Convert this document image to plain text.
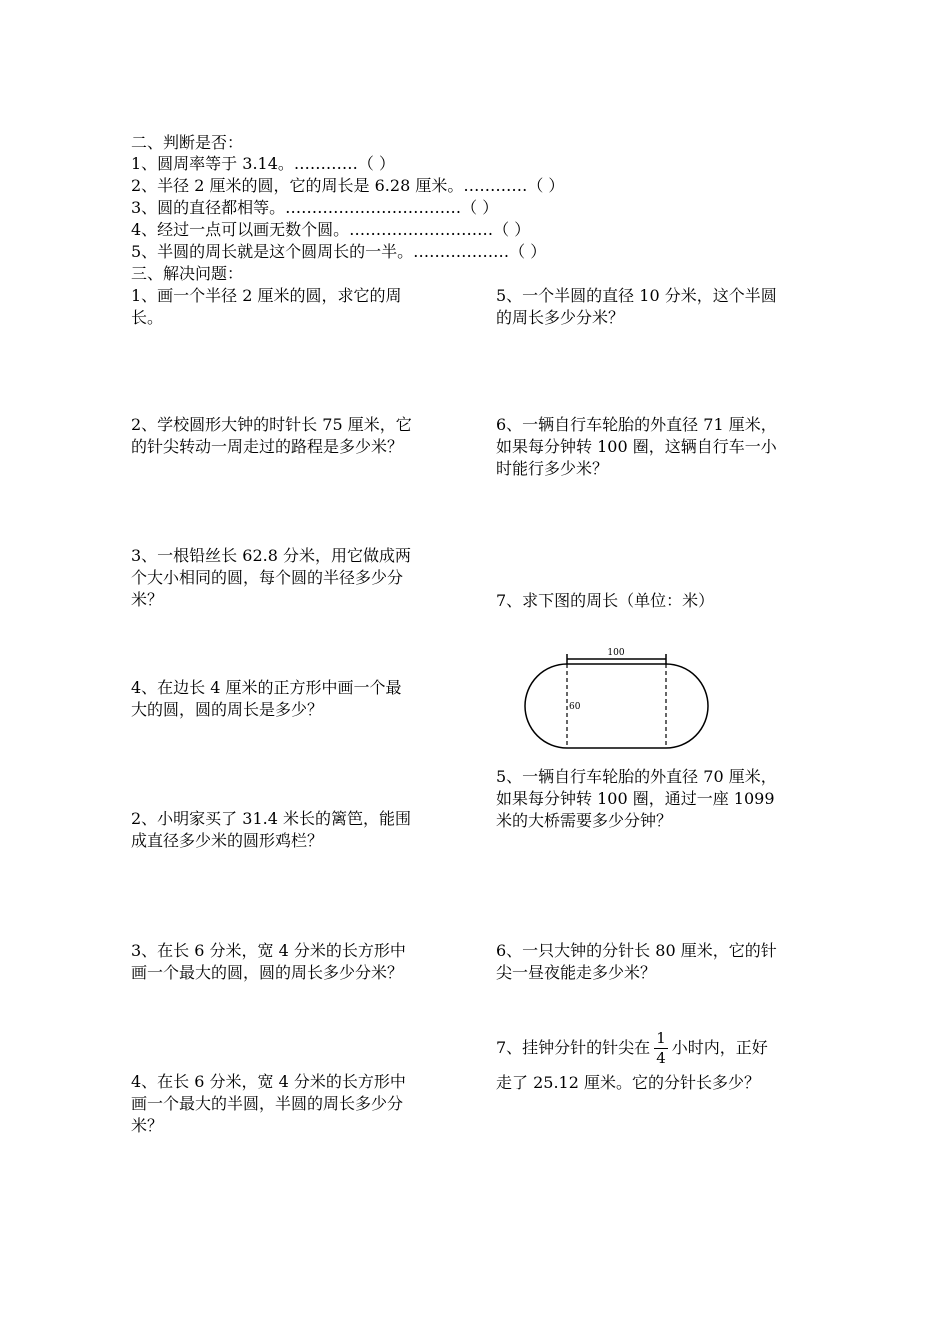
二、判断是否：
1、圆周率等于 3.14。…………（ ）
2、半径 2 厘米的圆，它的周长是 6.28 厘米。…………（ ）
3、圆的直径都相等。……………………………（ ）
4、经过一点可以画无数个圆。………………………（ ）
5、半圆的周长就是这个圆周长的一半。………………（ ）
三、解决问题：
1、画一个半径 2 厘米的圆，求它的周
长。
2、学校圆形大钟的时针长 75 厘米，它
的针尖转动一周走过的路程是多少米？
3、一根铅丝长 62.8 分米，用它做成两
个大小相同的圆，每个圆的半径多少分
米？
4、在边长 4 厘米的正方形中画一个最
大的圆，圆的周长是多少？
2、小明家买了 31.4 米长的篱笆，能围
成直径多少米的圆形鸡栏？
3、在长 6 分米，宽 4 分米的长方形中
画一个最大的圆，圆的周长多少分米？
4、在长 6 分米，宽 4 分米的长方形中
画一个最大的半圆，半圆的周长多少分
米？
5、一个半圆的直径 10 分米，这个半圆
的周长多少分米？
6、一辆自行车轮胎的外直径 71 厘米，
如果每分钟转 100 圈，这辆自行车一小
时能行多少米？
7、求下图的周长（单位：米）
100
60
5、一辆自行车轮胎的外直径 70 厘米，
如果每分钟转 100 圈，通过一座 1099
米的大桥需要多少分钟？
6、一只大钟的分针长 80 厘米，它的针
尖一昼夜能走多少米？
7、挂钟分针的针尖在 $\frac{1}{4}$ 小时内，正好
走了 25.12 厘米。它的分针长多少？
